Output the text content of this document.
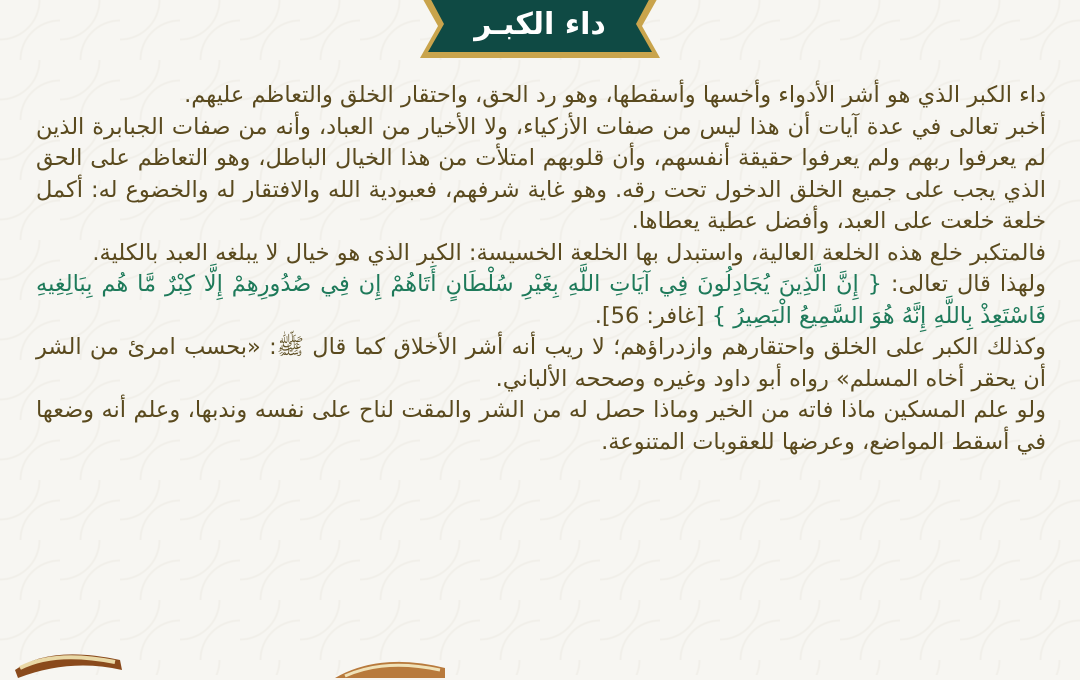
داء الكبـر

داء الكبر الذي هو أشر الأدواء وأخسها وأسقطها، وهو رد الحق، واحتقار الخلق والتعاظم عليهم.

أخبر تعالى في عدة آيات أن هذا ليس من صفات الأزكياء، ولا الأخيار من العباد، وأنه من صفات الجبابرة الذين لم يعرفوا ربهم ولم يعرفوا حقيقة أنفسهم، وأن قلوبهم امتلأت من هذا الخيال الباطل، وهو التعاظم على الحق الذي يجب على جميع الخلق الدخول تحت رقه. وهو غاية شرفهم، فعبودية الله والافتقار له والخضوع له: أكمل خلعة خلعت على العبد، وأفضل عطية يعطاها.

فالمتكبر خلع هذه الخلعة العالية، واستبدل بها الخلعة الخسيسة: الكبر الذي هو خيال لا يبلغه العبد بالكلية.

ولهذا قال تعالى: { إِنَّ الَّذِينَ يُجَادِلُونَ فِي آيَاتِ اللَّهِ بِغَيْرِ سُلْطَانٍ أَتَاهُمْ إِن فِي صُدُورِهِمْ إِلَّا كِبْرٌ مَّا هُم بِبَالِغِيهِ فَاسْتَعِذْ بِاللَّهِ إِنَّهُ هُوَ السَّمِيعُ الْبَصِيرُ } [غافر: 56].

وكذلك الكبر على الخلق واحتقارهم وازدراؤهم؛ لا ريب أنه أشر الأخلاق كما قال ﷺ: «بحسب امرئ من الشر أن يحقر أخاه المسلم» رواه أبو داود وغيره وصححه الألباني.

ولو علم المسكين ماذا فاته من الخير وماذا حصل له من الشر والمقت لناح على نفسه وندبها، وعلم أنه وضعها في أسقط المواضع، وعرضها للعقوبات المتنوعة.
